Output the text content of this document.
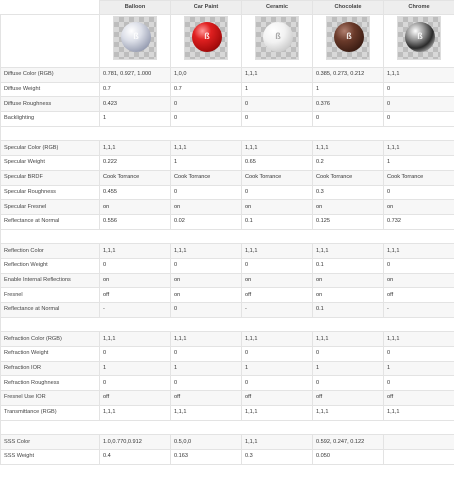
	Balloon	Car Paint	Ceramic	Chocolate	Chrome

	ß	ß	ß	ß	ß

Diffuse Color (RGB)	0.781, 0.927, 1.000	1,0,0	1,1,1	0.385, 0.273, 0.212	1,1,1
Diffuse Weight	0.7	0.7	1	1	0
Diffuse Roughness	0.423	0	0	0.376	0
Backlighting	1	0	0	0	0

Specular Color (RGB)	1,1,1	1,1,1	1,1,1	1,1,1	1,1,1
Specular Weight	0.222	1	0.65	0.2	1
Specular BRDF	Cook Torrance	Cook Torrance	Cook Torrance	Cook Torrance	Cook Torrance
Specular Roughness	0.455	0	0	0.3	0
Specular Fresnel	on	on	on	on	on
Reflectance at Normal	0.556	0.02	0.1	0.125	0.732

Reflection Color	1,1,1	1,1,1	1,1,1	1,1,1	1,1,1
Reflection Weight	0	0	0	0.1	0
Enable Internal Reflections	on	on	on	on	on
Fresnel	off	on	off	on	off
Reflectance at Normal	-	0	-	0.1	-

Refraction Color (RGB)	1,1,1	1,1,1	1,1,1	1,1,1	1,1,1
Refraction Weight	0	0	0	0	0
Refraction IOR	1	1	1	1	1
Refraction Roughness	0	0	0	0	0
Fresnel Use IOR	off	off	off	off	off
Transmittance (RGB)	1,1,1	1,1,1	1,1,1	1,1,1	1,1,1

SSS Color	1.0,0.770,0.912	0.5,0,0	1,1,1	0.592, 0.247, 0.122	
SSS Weight	0.4	0.163	0.3	0.050	
